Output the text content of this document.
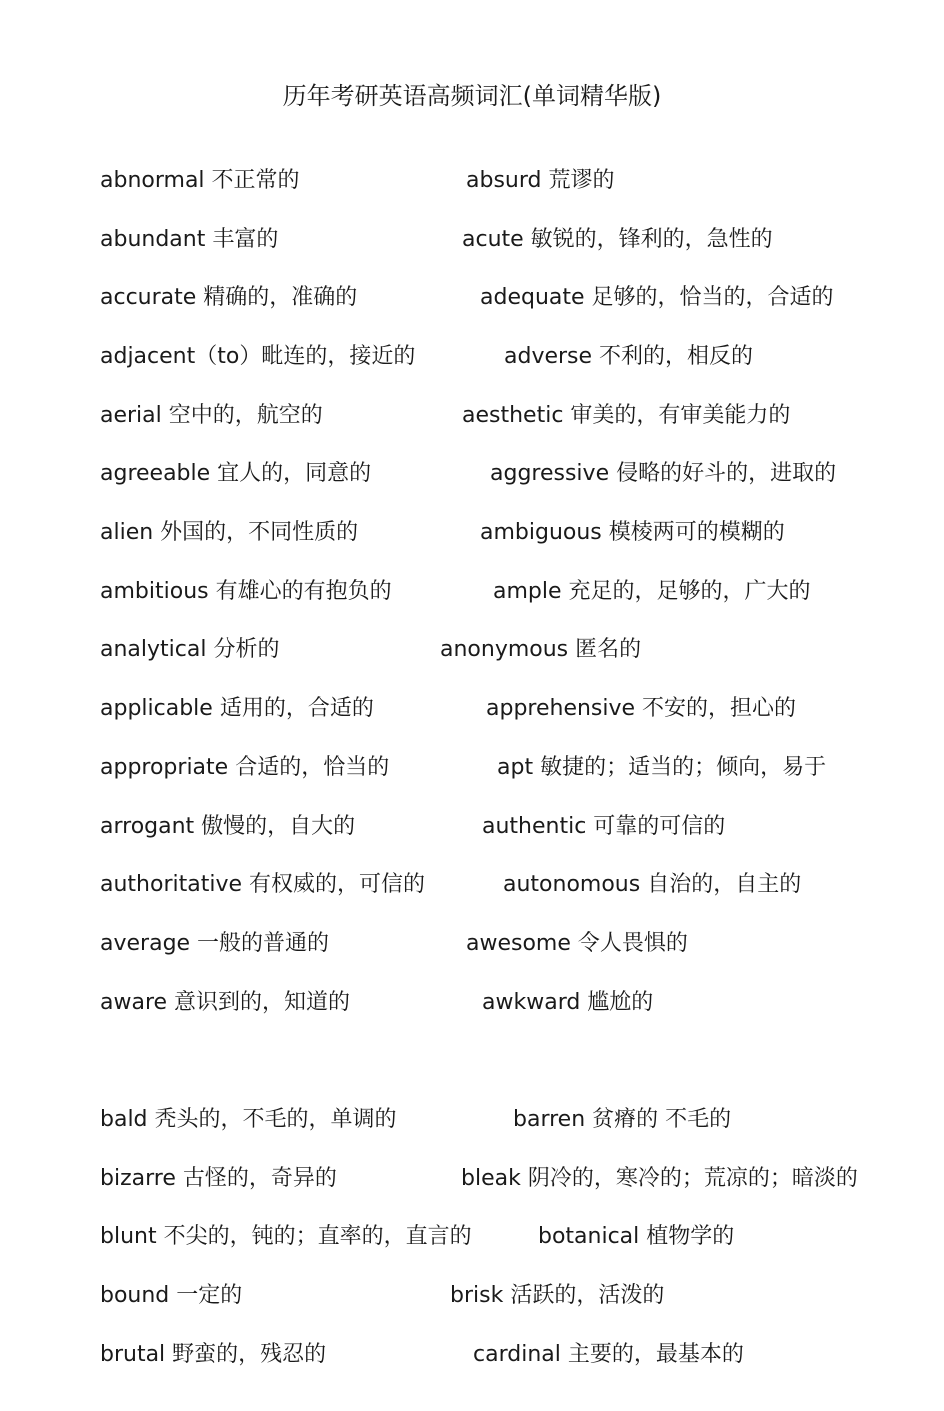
历年考研英语高频词汇(单词精华版)
abnormal 不正常的	absurd 荒谬的
abundant 丰富的	acute 敏锐的，锋利的，急性的
accurate 精确的，准确的	adequate 足够的，恰当的，合适的
adjacent（to）毗连的，接近的	adverse 不利的，相反的
aerial 空中的，航空的	aesthetic 审美的，有审美能力的
agreeable 宜人的，同意的	aggressive 侵略的好斗的，进取的
alien 外国的，不同性质的	ambiguous 模棱两可的模糊的
ambitious 有雄心的有抱负的	ample 充足的，足够的，广大的
analytical 分析的	anonymous 匿名的
applicable 适用的，合适的	apprehensive 不安的，担心的
appropriate 合适的，恰当的	apt 敏捷的；适当的；倾向，易于
arrogant 傲慢的，自大的	authentic 可靠的可信的
authoritative 有权威的，可信的	autonomous 自治的，自主的
average 一般的普通的	awesome 令人畏惧的
aware 意识到的，知道的	awkward 尴尬的
bald 秃头的，不毛的，单调的	barren 贫瘠的 不毛的
bizarre 古怪的，奇异的	bleak 阴冷的，寒冷的；荒凉的；暗淡的
blunt 不尖的，钝的；直率的，直言的	botanical 植物学的
bound 一定的	brisk 活跃的，活泼的
brutal 野蛮的，残忍的	cardinal 主要的，最基本的
